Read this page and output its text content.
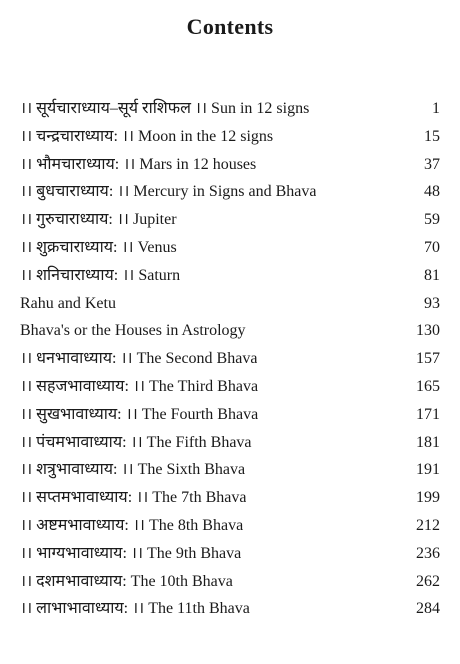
Contents
।। सूर्यचाराध्याय–सूर्य राशिफल ।। Sun in 12 signs	1
।। चन्द्रचाराध्याय: ।। Moon in the 12 signs	15
।। भौमचाराध्याय: ।। Mars in 12 houses	37
।। बुधचाराध्याय: ।। Mercury in Signs and Bhava	48
।। गुरुचाराध्याय: ।। Jupiter	59
।। शुक्रचाराध्याय: ।। Venus	70
।। शनिचाराध्याय: ।। Saturn	81
Rahu and Ketu	93
Bhava's or the Houses in Astrology	130
।। धनभावाध्याय: ।। The Second Bhava	157
।। सहजभावाध्याय: ।। The Third Bhava	165
।। सुखभावाध्याय: ।। The Fourth Bhava	171
।। पंचमभावाध्याय: ।। The Fifth Bhava	181
।। शत्रुभावाध्याय: ।। The Sixth Bhava	191
।। सप्तमभावाध्याय: ।। The 7th Bhava	199
।। अष्टमभावाध्याय: ।। The 8th Bhava	212
।। भाग्यभावाध्याय: ।। The 9th Bhava	236
।। दशमभावाध्याय: The 10th Bhava	262
।। लाभाभावाध्याय: ।। The 11th Bhava	284
